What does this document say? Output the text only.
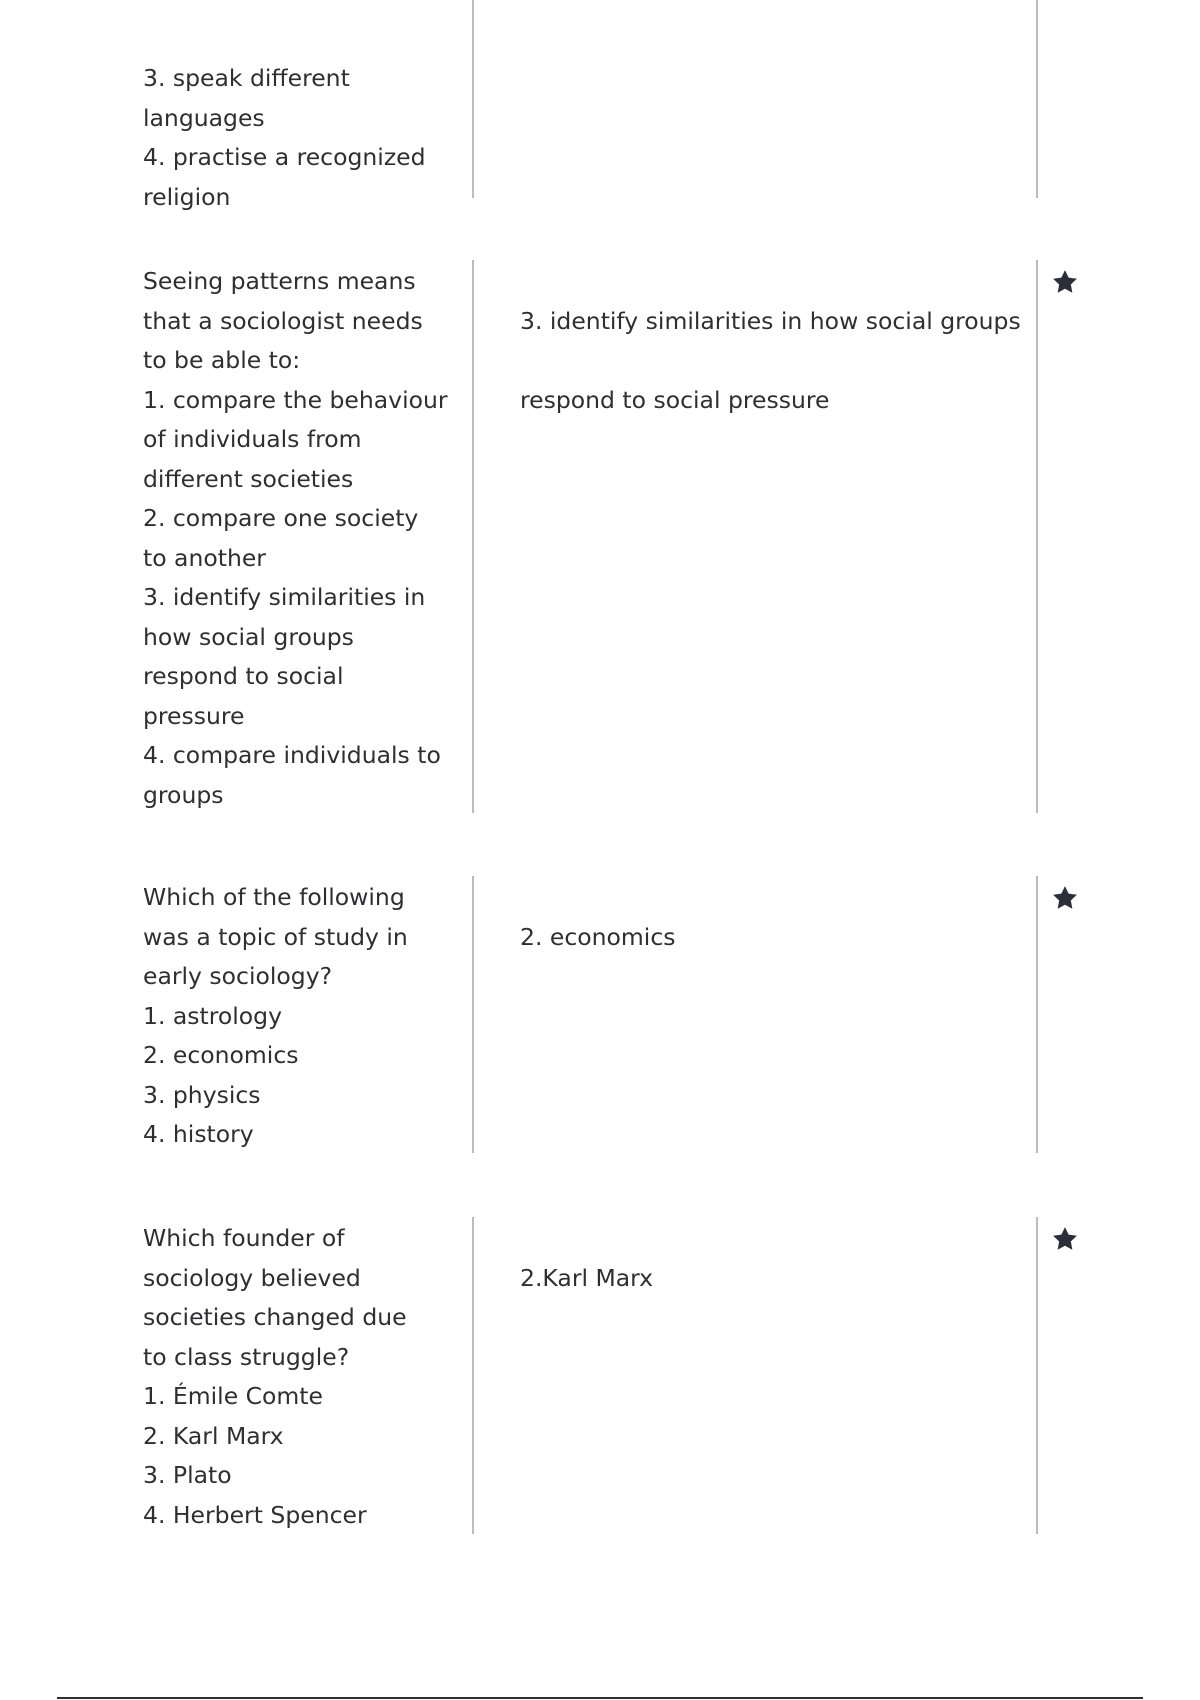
3. speak different
languages
4. practise a recognized
religion
Seeing patterns means
that a sociologist needs
to be able to:
1. compare the behaviour
of individuals from
different societies
2. compare one society
to another
3. identify similarities in
how social groups
respond to social
pressure
4. compare individuals to
groups

3. identify similarities in how social groups

respond to social pressure

Which of the following
was a topic of study in
early sociology?
1. astrology
2. economics
3. physics
4. history

2. economics

Which founder of
sociology believed
societies changed due
to class struggle?
1. Émile Comte
2. Karl Marx
3. Plato
4. Herbert Spencer

2.Karl Marx
